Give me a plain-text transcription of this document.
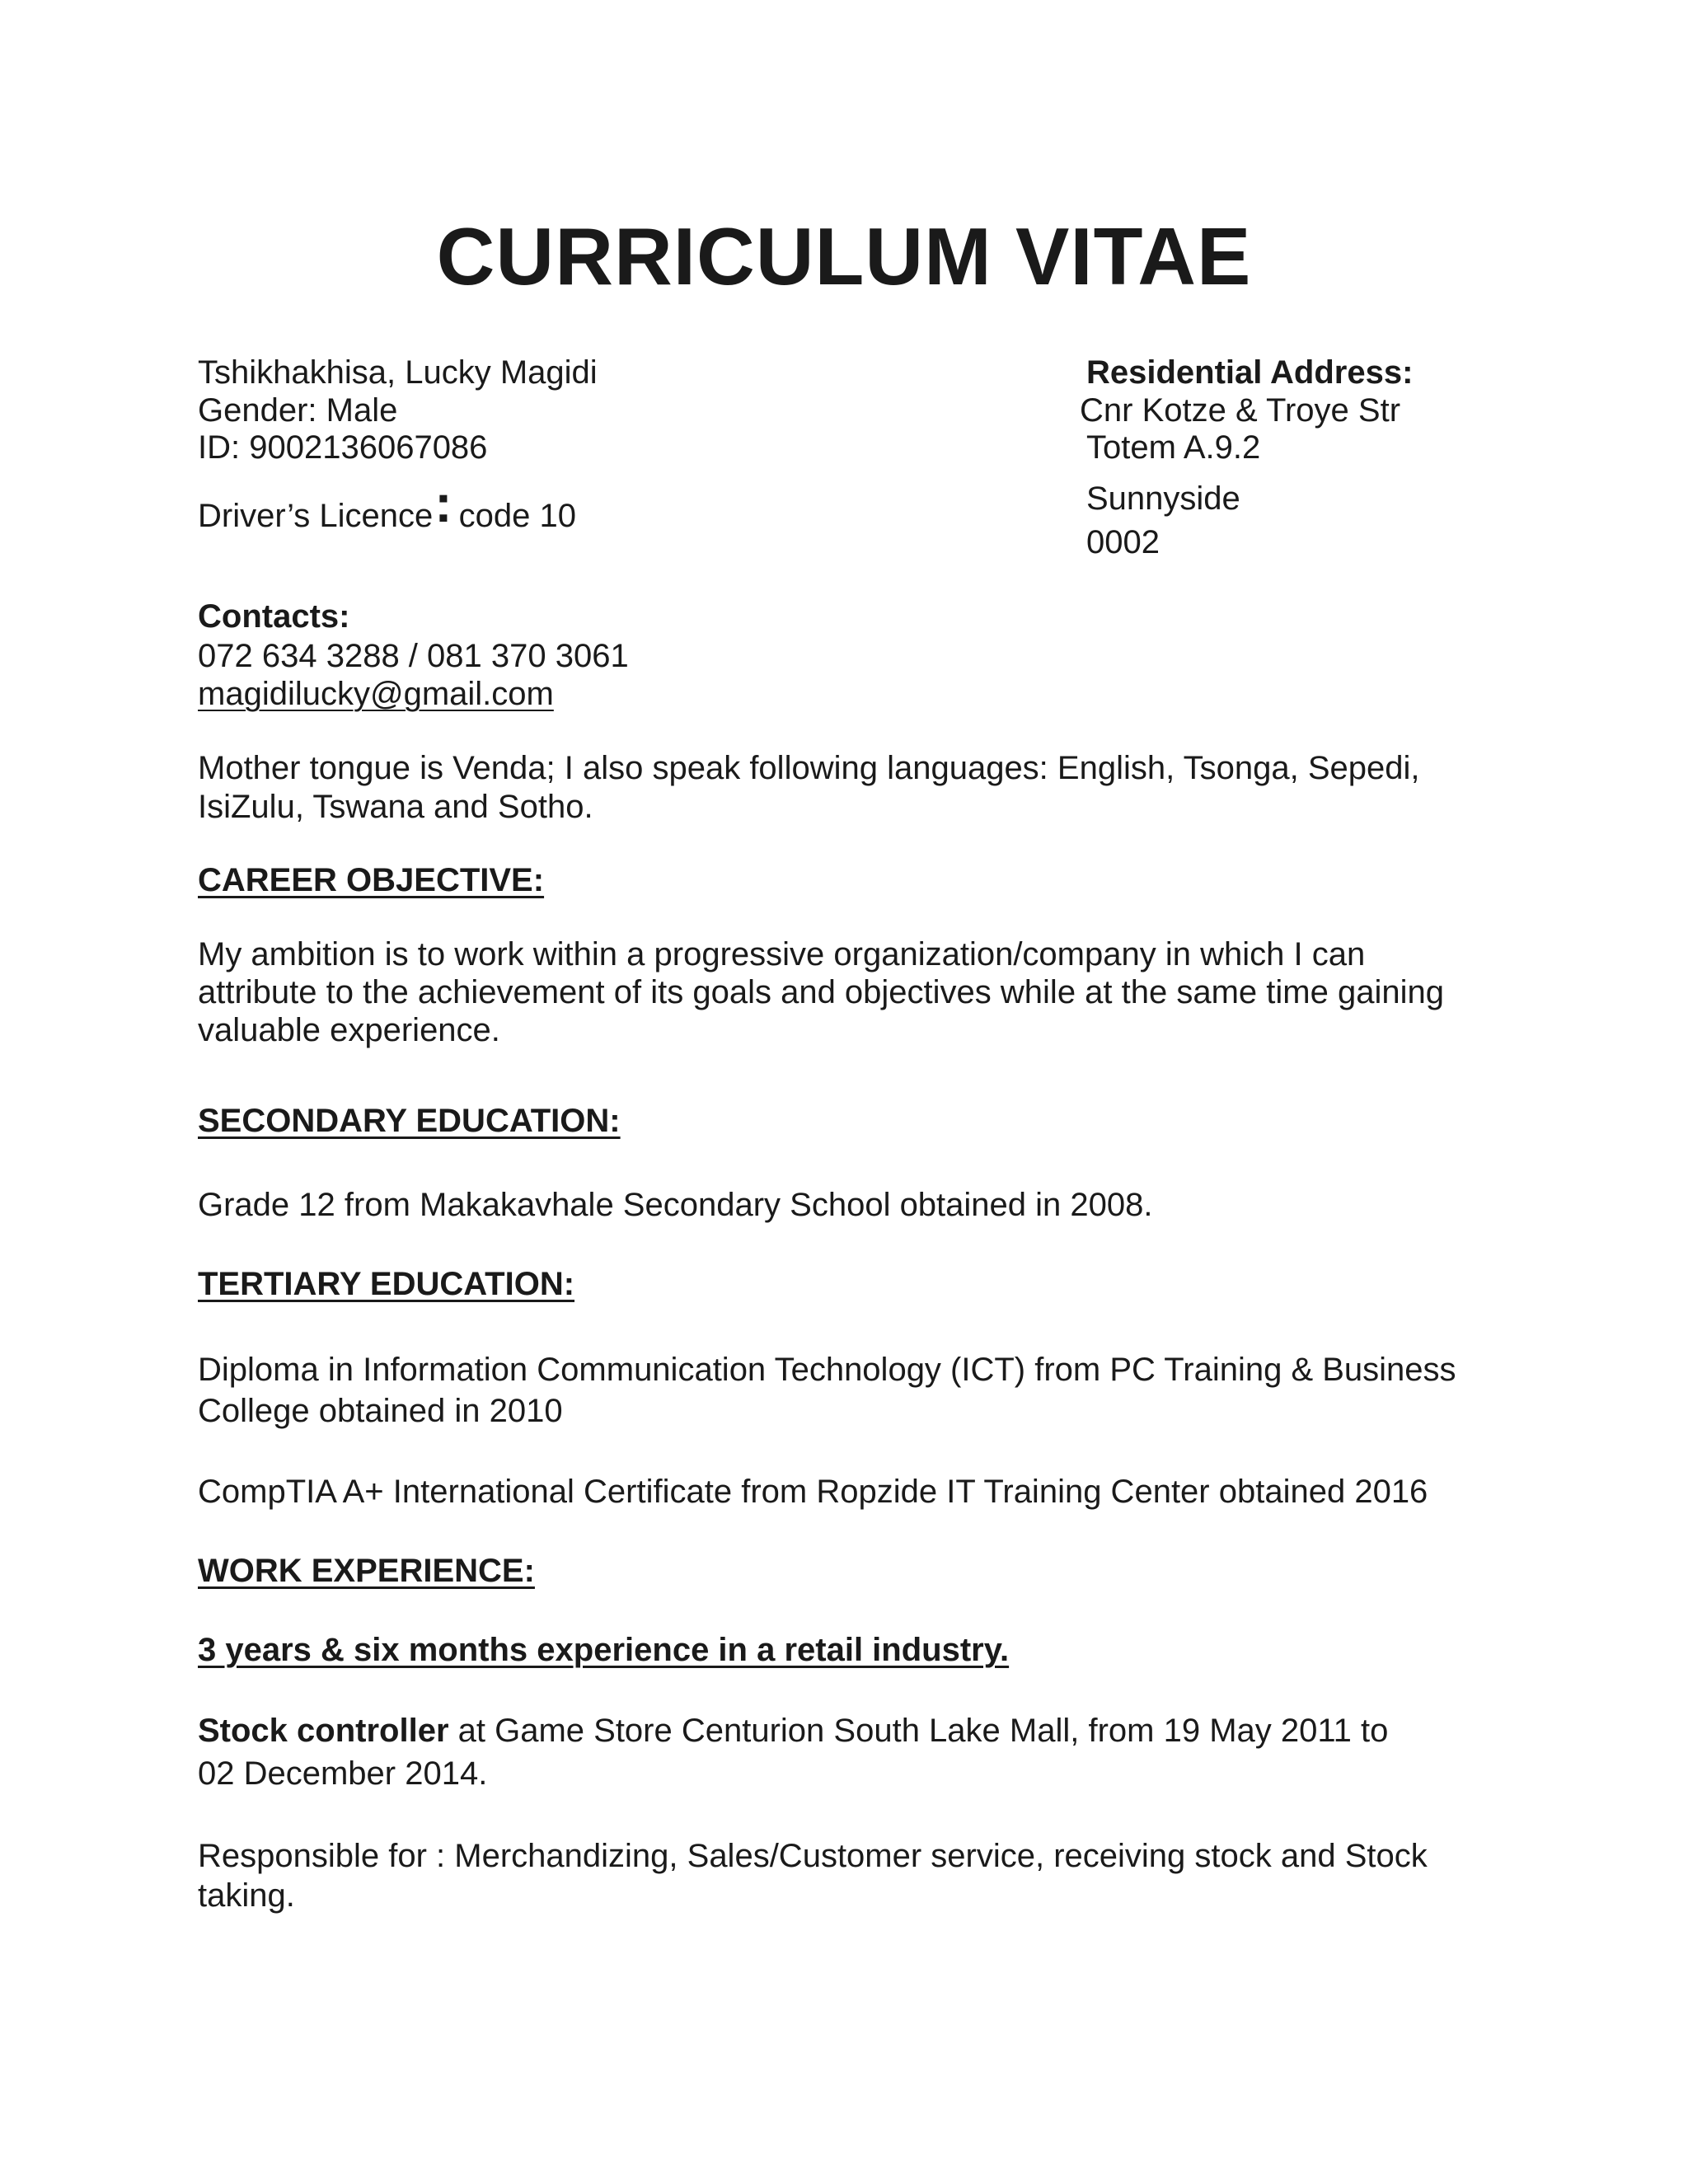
CURRICULUM VITAE

Tshikhakhisa, Lucky Magidi

Gender: Male

ID: 9002136067086

Driver’s Licence: code 10

Residential Address:

Cnr Kotze & Troye Str

Totem A.9.2

Sunnyside

0002

Contacts:

072 634 3288 / 081 370 3061

magidilucky@gmail.com

Mother tongue is Venda; I also speak following languages: English, Tsonga, Sepedi,

IsiZulu, Tswana and Sotho.

CAREER OBJECTIVE:

My ambition is to work within a progressive organization/company in which I can

attribute to the achievement of its goals and objectives while at the same time gaining

valuable experience.

SECONDARY EDUCATION:

Grade 12 from Makakavhale Secondary School obtained in 2008.

TERTIARY EDUCATION:

Diploma in Information Communication Technology (ICT) from PC Training & Business

College obtained in 2010

CompTIA A+ International Certificate from Ropzide IT Training Center obtained 2016

WORK EXPERIENCE:

3 years & six months experience in a retail industry.

Stock controller at Game Store Centurion South Lake Mall, from 19 May 2011 to

02 December 2014.

Responsible for : Merchandizing, Sales/Customer service, receiving stock and Stock

taking.
